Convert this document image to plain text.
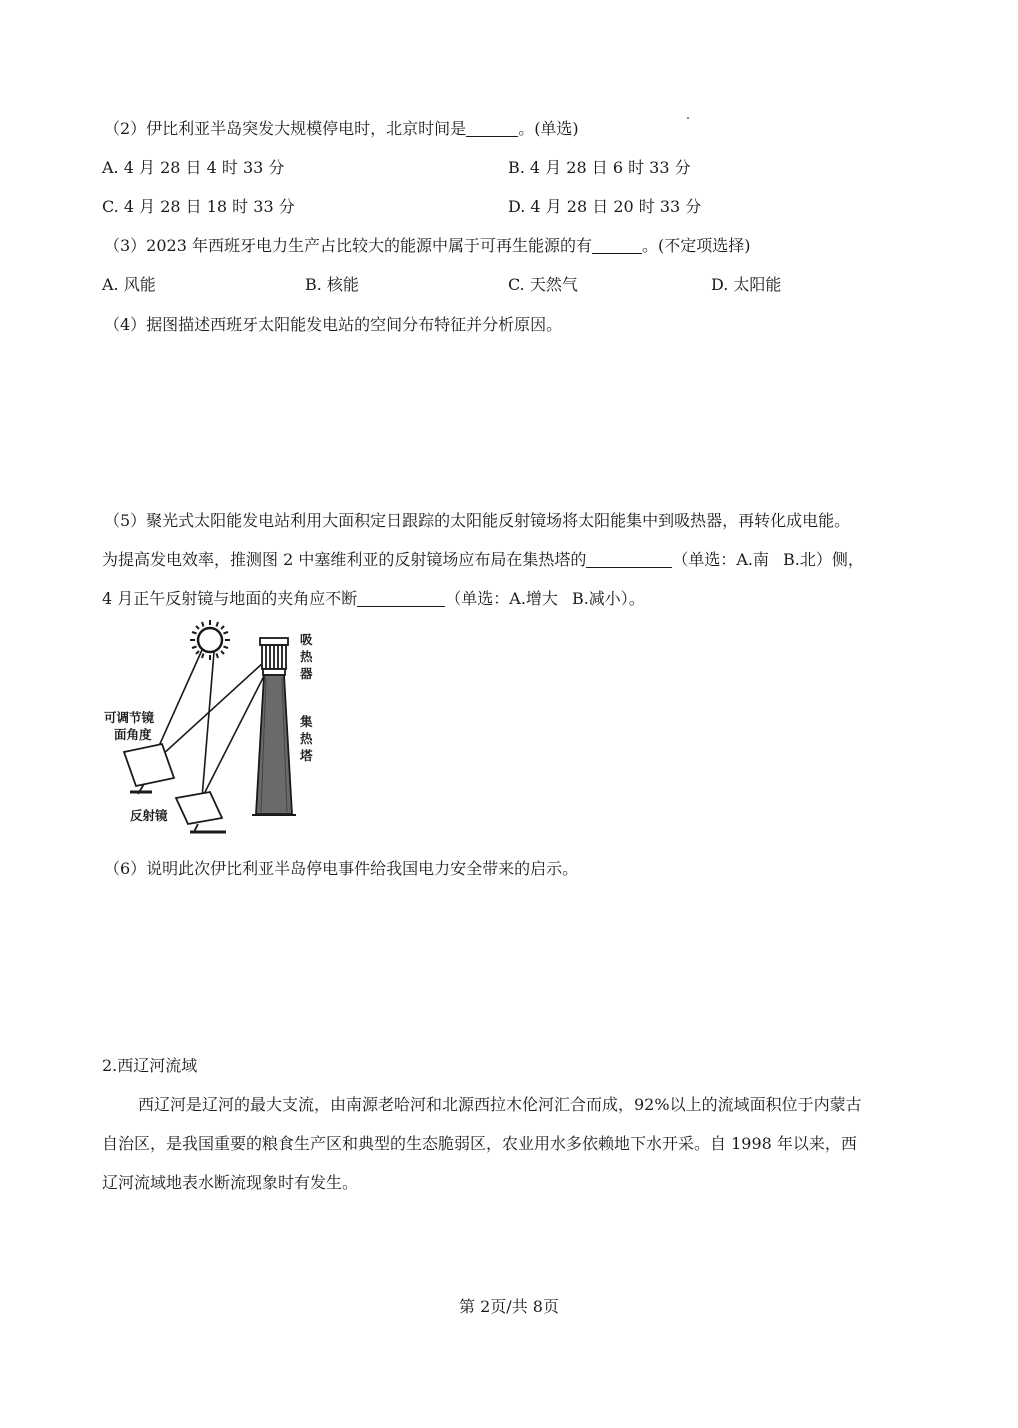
（2）伊比利亚半岛突发大规模停电时，北京时间是	。(单选)
A. 4 月 28 日 4 时 33 分	B. 4 月 28 日 6 时 33 分
C. 4 月 28 日 18 时 33 分	D. 4 月 28 日 20 时 33 分
（3）2023 年西班牙电力生产占比较大的能源中属于可再生能源的有	。(不定项选择)
A. 风能	B. 核能	C. 天然气	D. 太阳能
（4）据图描述西班牙太阳能发电站的空间分布特征并分析原因。
（5）聚光式太阳能发电站利用大面积定日跟踪的太阳能反射镜场将太阳能集中到吸热器，再转化成电能。
为提高发电效率，推测图 2 中塞维利亚的反射镜场应布局在集热塔的	（单选：A.南 B.北）侧，
4 月正午反射镜与地面的夹角应不断	（单选：A.增大 B.减小）。
可调节镜
面角度
反射镜
吸
热
器
集
热
塔
（6）说明此次伊比利亚半岛停电事件给我国电力安全带来的启示。
2.西辽河流域
西辽河是辽河的最大支流，由南源老哈河和北源西拉木伦河汇合而成，92%以上的流域面积位于内蒙古
自治区，是我国重要的粮食生产区和典型的生态脆弱区，农业用水多依赖地下水开采。自 1998 年以来，西
辽河流域地表水断流现象时有发生。
第 2页/共 8页
